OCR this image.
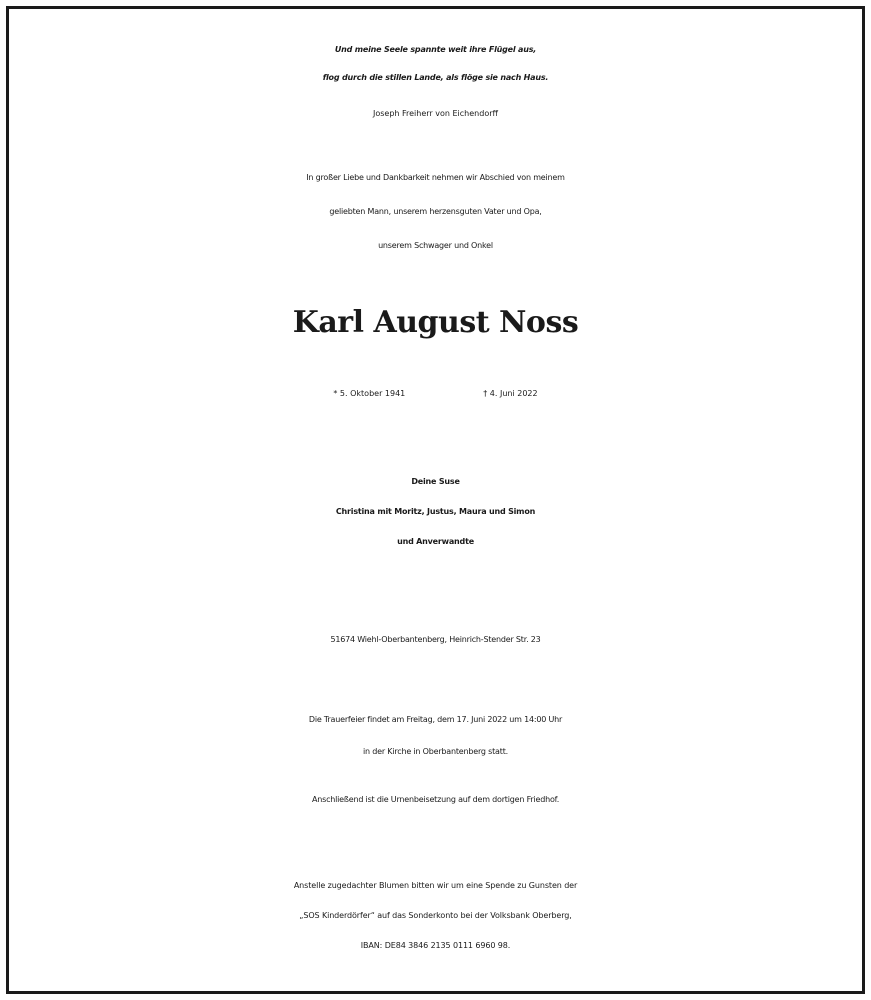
Und meine Seele spannte weit ihre Flügel aus,
flog durch die stillen Lande, als flöge sie nach Haus.
Joseph Freiherr von Eichendorff
In großer Liebe und Dankbarkeit nehmen wir Abschied von meinem
geliebten Mann, unserem herzensguten Vater und Opa,
unserem Schwager und Onkel
Karl August Noss
* 5. Oktober 1941	† 4. Juni 2022
Deine Suse
Christina mit Moritz, Justus, Maura und Simon
und Anverwandte
51674 Wiehl-Oberbantenberg, Heinrich-Stender Str. 23
Die Trauerfeier findet am Freitag, dem 17. Juni 2022 um 14:00 Uhr
in der Kirche in Oberbantenberg statt.
Anschließend ist die Urnenbeisetzung auf dem dortigen Friedhof.
Anstelle zugedachter Blumen bitten wir um eine Spende zu Gunsten der
„SOS Kinderdörfer“ auf das Sonderkonto bei der Volksbank Oberberg,
IBAN: DE84 3846 2135 0111 6960 98.
